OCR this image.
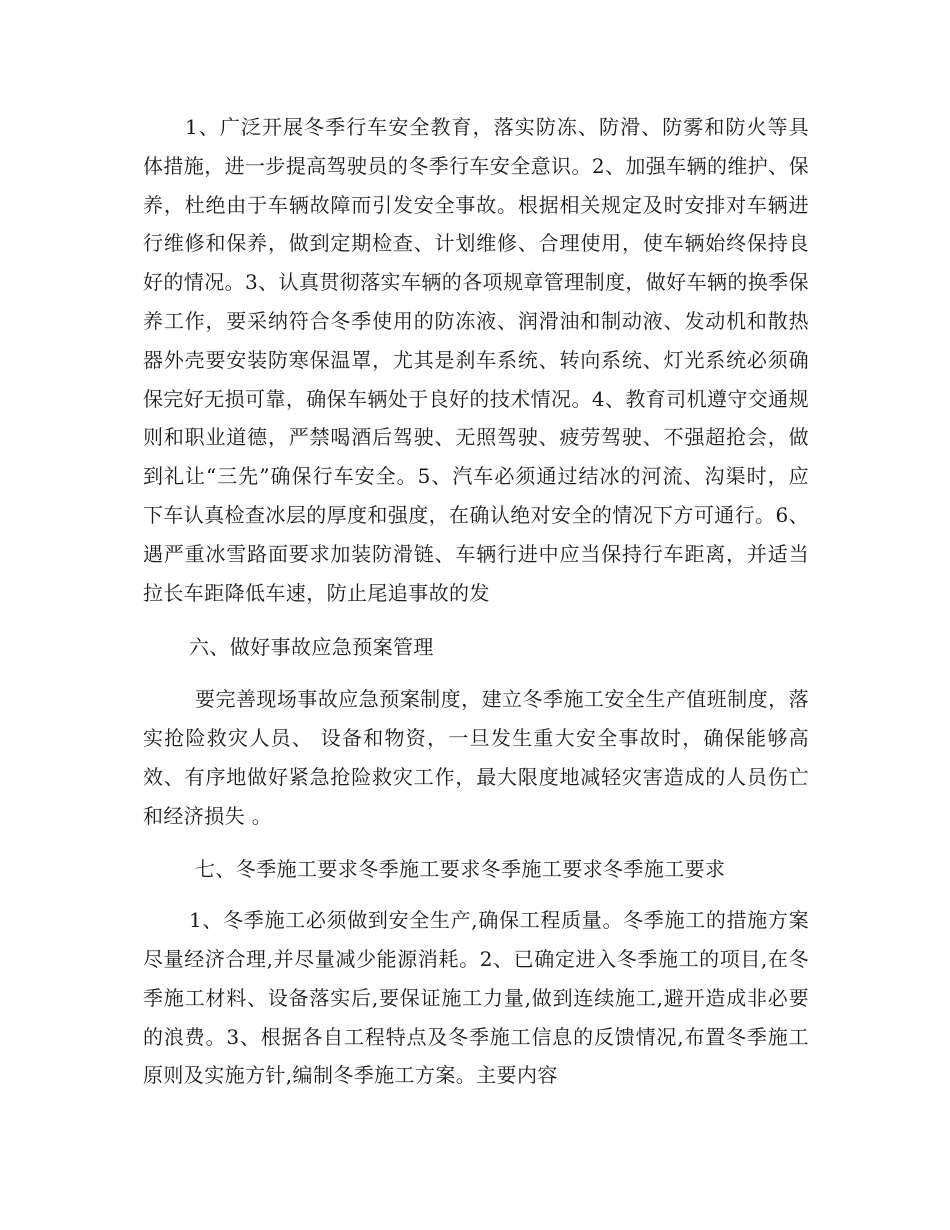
1、广泛开展冬季行车安全教育，落实防冻、防滑、防雾和防火等具体措施，进一步提高驾驶员的冬季行车安全意识。2、加强车辆的维护、保养，杜绝由于车辆故障而引发安全事故。根据相关规定及时安排对车辆进行维修和保养，做到定期检查、计划维修、合理使用，使车辆始终保持良好的情况。3、认真贯彻落实车辆的各项规章管理制度，做好车辆的换季保养工作，要采纳符合冬季使用的防冻液、润滑油和制动液、发动机和散热器外壳要安装防寒保温罩，尤其是刹车系统、转向系统、灯光系统必须确保完好无损可靠，确保车辆处于良好的技术情况。4、教育司机遵守交通规则和职业道德，严禁喝酒后驾驶、无照驾驶、疲劳驾驶、不强超抢会，做到礼让“三先”确保行车安全。5、汽车必须通过结冰的河流、沟渠时，应下车认真检查冰层的厚度和强度，在确认绝对安全的情况下方可通行。6、遇严重冰雪路面要求加装防滑链、车辆行进中应当保持行车距离，并适当拉长车距降低车速，防止尾追事故的发

六、做好事故应急预案管理

要完善现场事故应急预案制度，建立冬季施工安全生产值班制度，落实抢险救灾人员、 设备和物资，一旦发生重大安全事故时，确保能够高效、有序地做好紧急抢险救灾工作，最大限度地减轻灾害造成的人员伤亡和经济损失 。

七、冬季施工要求冬季施工要求冬季施工要求冬季施工要求

1、冬季施工必须做到安全生产,确保工程质量。冬季施工的措施方案尽量经济合理,并尽量减少能源消耗。2、已确定进入冬季施工的项目,在冬季施工材料、设备落实后,要保证施工力量,做到连续施工,避开造成非必要的浪费。3、根据各自工程特点及冬季施工信息的反馈情况,布置冬季施工原则及实施方针,编制冬季施工方案。主要内容
